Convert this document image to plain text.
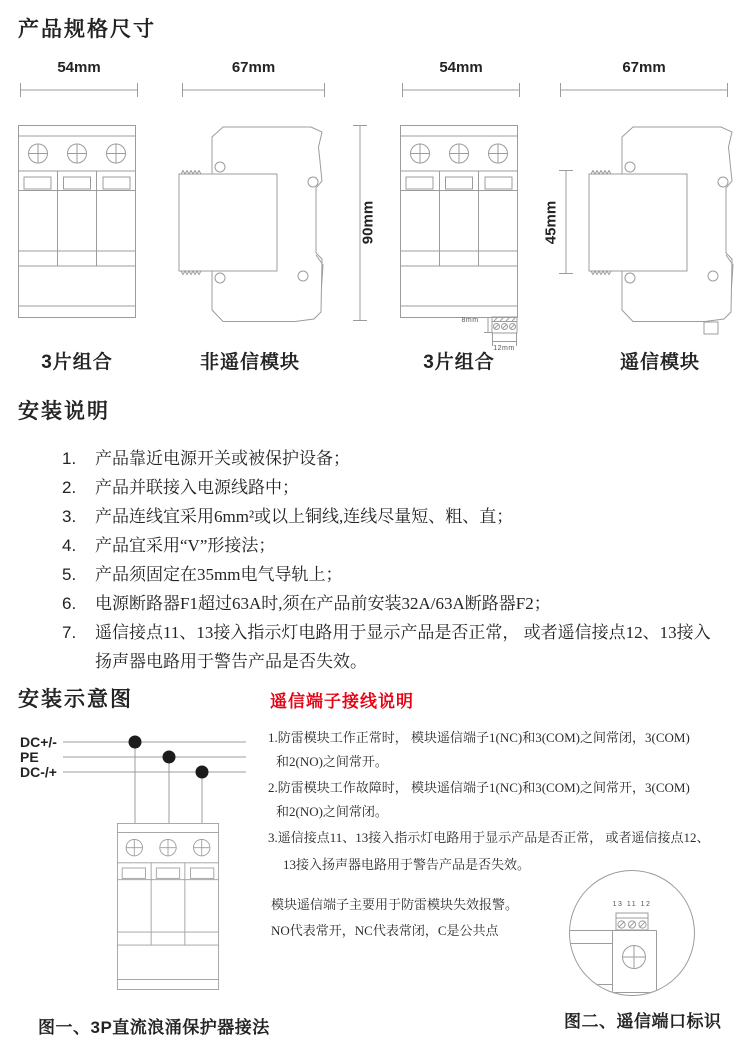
产品规格尺寸
54mm	67mm	54mm	67mm
90mm	45mm
8mm
12mm
3片组合	非遥信模块	3片组合	遥信模块
安装说明
1.	产品靠近电源开关或被保护设备；
2.	产品并联接入电源线路中；
3.	产品连线宜采用6mm²或以上铜线,连线尽量短、粗、直；
4.	产品宜采用“V”形接法；
5.	产品须固定在35mm电气导轨上；
6.	电源断路器F1超过63A时,须在产品前安装32A/63A断路器F2；
7.	遥信接点11、13接入指示灯电路用于显示产品是否正常， 或者遥信接点12、13接入扬声器电路用于警告产品是否失效。
安装示意图	遥信端子接线说明
DC+/-
PE
DC-/+
图一、3P直流浪涌保护器接法
1.防雷模块工作正常时， 模块遥信端子1(NC)和3(COM)之间常闭，3(COM)
和2(NO)之间常开。
2.防雷模块工作故障时， 模块遥信端子1(NC)和3(COM)之间常开，3(COM)
和2(NO)之间常闭。
3.遥信接点11、13接入指示灯电路用于显示产品是否正常， 或者遥信接点12、
13接入扬声器电路用于警告产品是否失效。
模块遥信端子主要用于防雷模块失效报警。
NO代表常开，NC代表常闭，C是公共点
13 11 12
图二、遥信端口标识
